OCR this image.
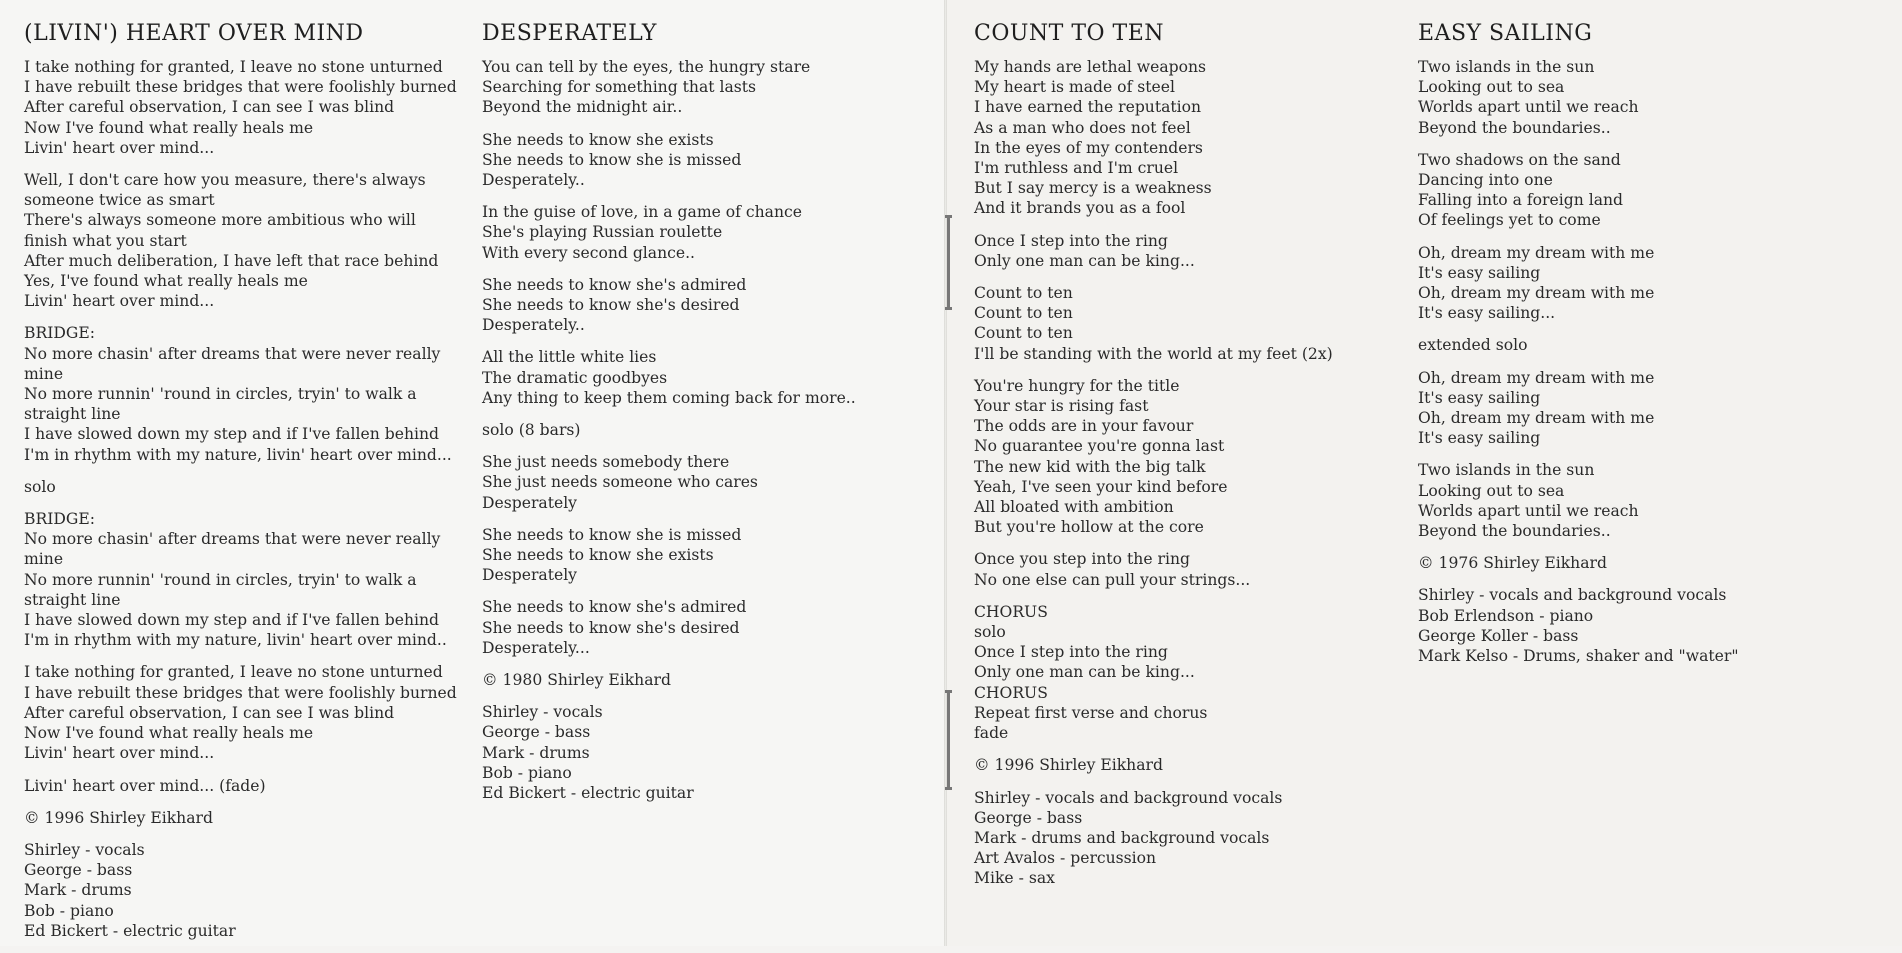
(LIVIN') HEART OVER MIND
I take nothing for granted, I leave no stone unturned
I have rebuilt these bridges that were foolishly burned
After careful observation, I can see I was blind
Now I've found what really heals me
Livin' heart over mind...
Well, I don't care how you measure, there's always someone twice as smart
There's always someone more ambitious who will finish what you start
After much deliberation, I have left that race behind
Yes, I've found what really heals me
Livin' heart over mind...
BRIDGE:
No more chasin' after dreams that were never really mine
No more runnin' 'round in circles, tryin' to walk a straight line
I have slowed down my step and if I've fallen behind
I'm in rhythm with my nature, livin' heart over mind...
solo
BRIDGE:
No more chasin' after dreams that were never really mine
No more runnin' 'round in circles, tryin' to walk a straight line
I have slowed down my step and if I've fallen behind
I'm in rhythm with my nature, livin' heart over mind..
I take nothing for granted, I leave no stone unturned
I have rebuilt these bridges that were foolishly burned
After careful observation, I can see I was blind
Now I've found what really heals me
Livin' heart over mind...
Livin' heart over mind... (fade)
© 1996 Shirley Eikhard
Shirley - vocals
George - bass
Mark - drums
Bob - piano
Ed Bickert - electric guitar
DESPERATELY
You can tell by the eyes, the hungry stare
Searching for something that lasts
Beyond the midnight air..
She needs to know she exists
She needs to know she is missed
Desperately..
In the guise of love, in a game of chance
She's playing Russian roulette
With every second glance..
She needs to know she's admired
She needs to know she's desired
Desperately..
All the little white lies
The dramatic goodbyes
Any thing to keep them coming back for more..
solo (8 bars)
She just needs somebody there
She just needs someone who cares
Desperately
She needs to know she is missed
She needs to know she exists
Desperately
She needs to know she's admired
She needs to know she's desired
Desperately...
© 1980 Shirley Eikhard
Shirley - vocals
George - bass
Mark - drums
Bob - piano
Ed Bickert - electric guitar
COUNT TO TEN
My hands are lethal weapons
My heart is made of steel
I have earned the reputation
As a man who does not feel
In the eyes of my contenders
I'm ruthless and I'm cruel
But I say mercy is a weakness
And it brands you as a fool
Once I step into the ring
Only one man can be king...
Count to ten
Count to ten
Count to ten
I'll be standing with the world at my feet (2x)
You're hungry for the title
Your star is rising fast
The odds are in your favour
No guarantee you're gonna last
The new kid with the big talk
Yeah, I've seen your kind before
All bloated with ambition
But you're hollow at the core
Once you step into the ring
No one else can pull your strings...
CHORUS
solo
Once I step into the ring
Only one man can be king...
CHORUS
Repeat first verse and chorus
fade
© 1996 Shirley Eikhard
Shirley - vocals and background vocals
George - bass
Mark - drums and background vocals
Art Avalos - percussion
Mike - sax
EASY SAILING
Two islands in the sun
Looking out to sea
Worlds apart until we reach
Beyond the boundaries..
Two shadows on the sand
Dancing into one
Falling into a foreign land
Of feelings yet to come
Oh, dream my dream with me
It's easy sailing
Oh, dream my dream with me
It's easy sailing...
extended solo
Oh, dream my dream with me
It's easy sailing
Oh, dream my dream with me
It's easy sailing
Two islands in the sun
Looking out to sea
Worlds apart until we reach
Beyond the boundaries..
© 1976 Shirley Eikhard
Shirley - vocals and background vocals
Bob Erlendson - piano
George Koller - bass
Mark Kelso - Drums, shaker and "water"
